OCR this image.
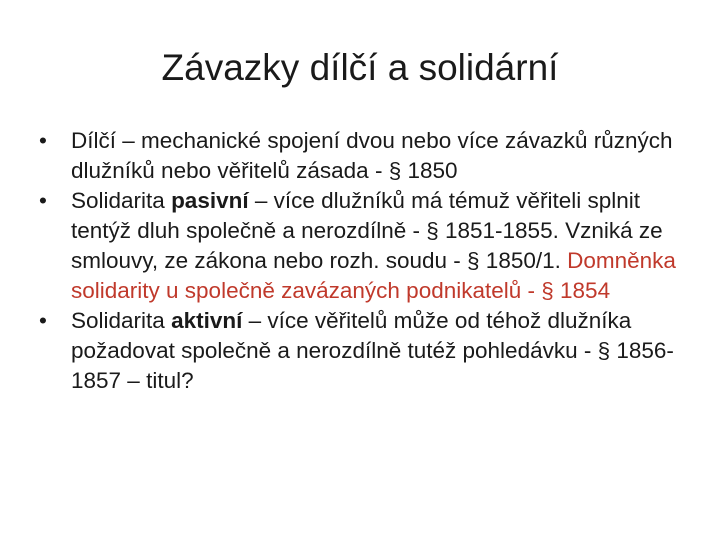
Závazky dílčí a solidární
•	Dílčí – mechanické spojení dvou nebo více závazků různých dlužníků nebo věřitelů zásada - § 1850
•	Solidarita pasivní – více dlužníků má témuž věřiteli splnit tentýž dluh společně a nerozdílně - § 1851-1855. Vzniká ze smlouvy, ze zákona nebo rozh. soudu - § 1850/1. Domněnka solidarity u společně zavázaných podnikatelů - § 1854
•	Solidarita aktivní – více věřitelů může od téhož dlužníka požadovat společně a nerozdílně tutéž pohledávku - § 1856-1857 – titul?
